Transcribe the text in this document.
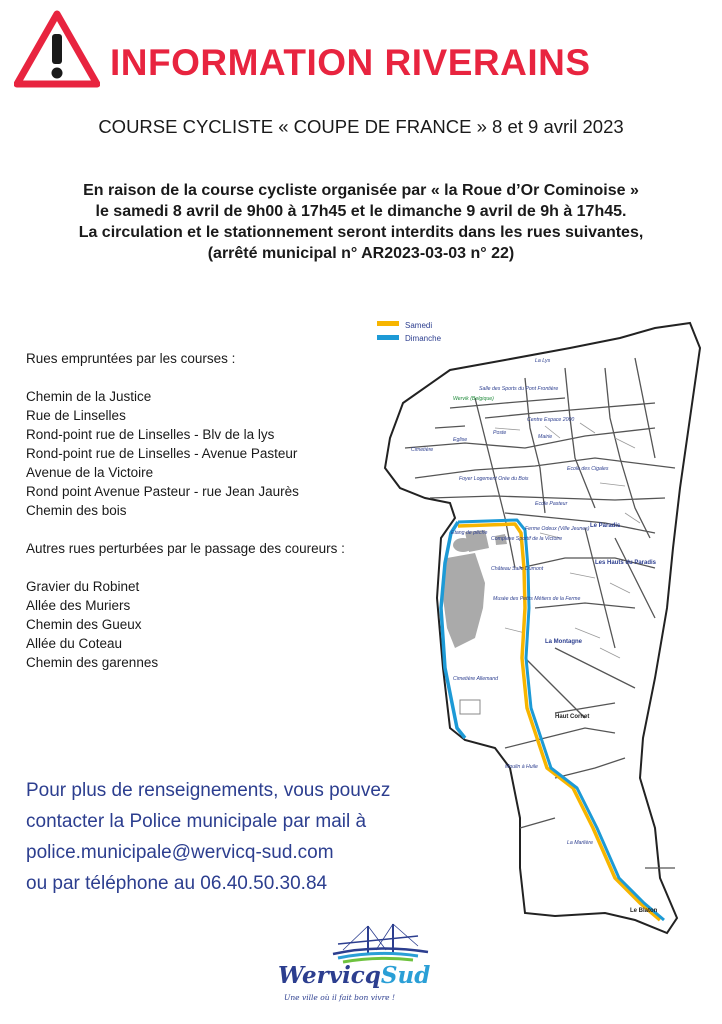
INFORMATION RIVERAINS
COURSE CYCLISTE « COUPE DE FRANCE » 8 et 9 avril 2023
En raison de la course cycliste organisée par « la Roue d’Or Cominoise »
le samedi 8 avril de 9h00 à 17h45 et le dimanche 9 avril de 9h à 17h45.
La circulation et le stationnement seront interdits dans les rues suivantes,
(arrêté municipal n° AR2023-03-03 n° 22)
Rues empruntées par les courses :
Chemin de la Justice
Rue de Linselles
Rond-point rue de Linselles - Blv de la lys
Rond-point rue de Linselles - Avenue Pasteur
Avenue de la Victoire
Rond point Avenue Pasteur - rue Jean Jaurès
Chemin des bois
Autres rues perturbées par le passage des coureurs :
Gravier du Robinet
Allée des Muriers
Chemin des Gueux
Allée du Coteau
Chemin des garennes
Pour plus de renseignements, vous pouvez
contacter la Police municipale par mail à
police.municipale@wervicq-sud.com
ou par téléphone au 06.40.50.30.84
Samedi
Dimanche
La Lys
Salle des Sports du Pont Frontière
Wervik (Belgique)
Centre Espace 2000
Poste
Eglise
Cimetière
Mairie
Ecole des Cigales
Foyer Logement Orée du Bois
Ecole Pasteur
Ferme Odeux (Ville Jeunes)
Complexe Sportif de la Victoire
Etang de pêche
Château Salle Dumont
Musée des Petits Métiers de la Ferme
Cimetière Allemand
Moulin à Huile
La Marlière
Le Paradis
Les Hauts du Paradis
La Montagne
Haut Cornet
Le Blaton
WervicqSud
Une ville où il fait bon vivre !
